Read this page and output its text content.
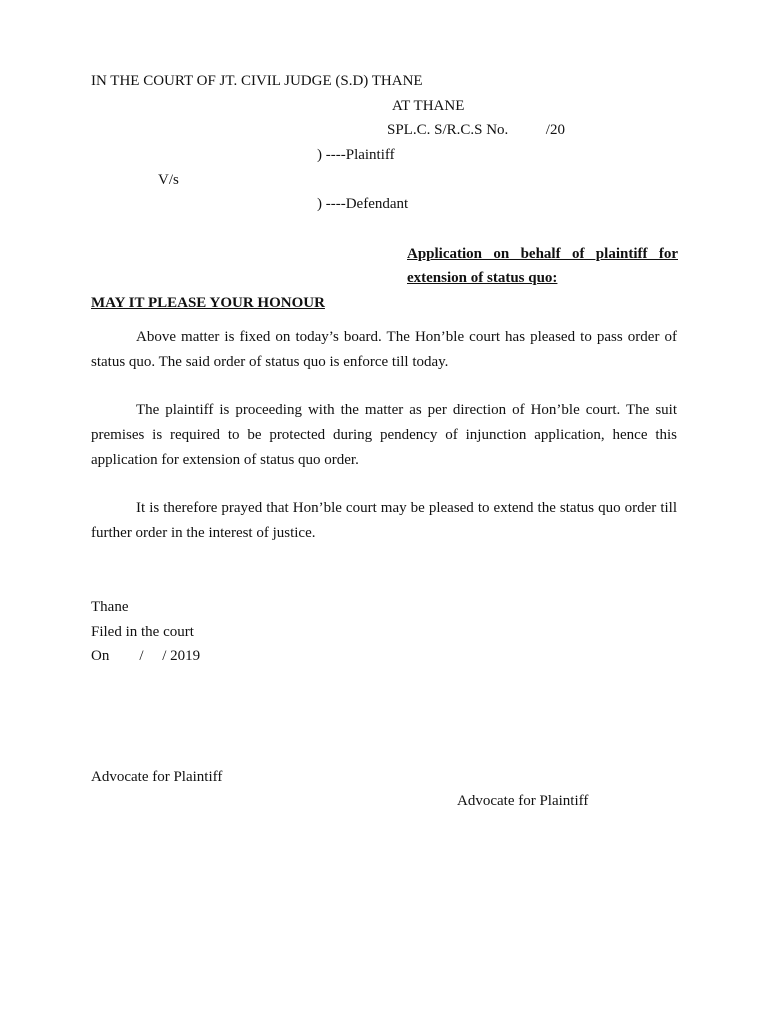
IN THE COURT OF JT. CIVIL JUDGE (S.D) THANE
AT THANE
SPL.C. S/R.C.S No.          /20
) ----Plaintiff
V/s
) ----Defendant
Application on behalf of plaintiff for extension of status quo:
MAY IT PLEASE YOUR HONOUR
Above matter is fixed on today’s board. The Hon’ble court has pleased to pass order of status quo. The said order of status quo is enforce till today.
The plaintiff is proceeding with the matter as per direction of Hon’ble court. The suit premises is required to be protected during pendency of injunction application, hence this application for extension of status quo order.
It is therefore prayed that Hon’ble court may be pleased to extend the status quo order till further order in the interest of justice.
Thane
Filed in the court
On        /     / 2019
Advocate for Plaintiff
Advocate for Plaintiff
